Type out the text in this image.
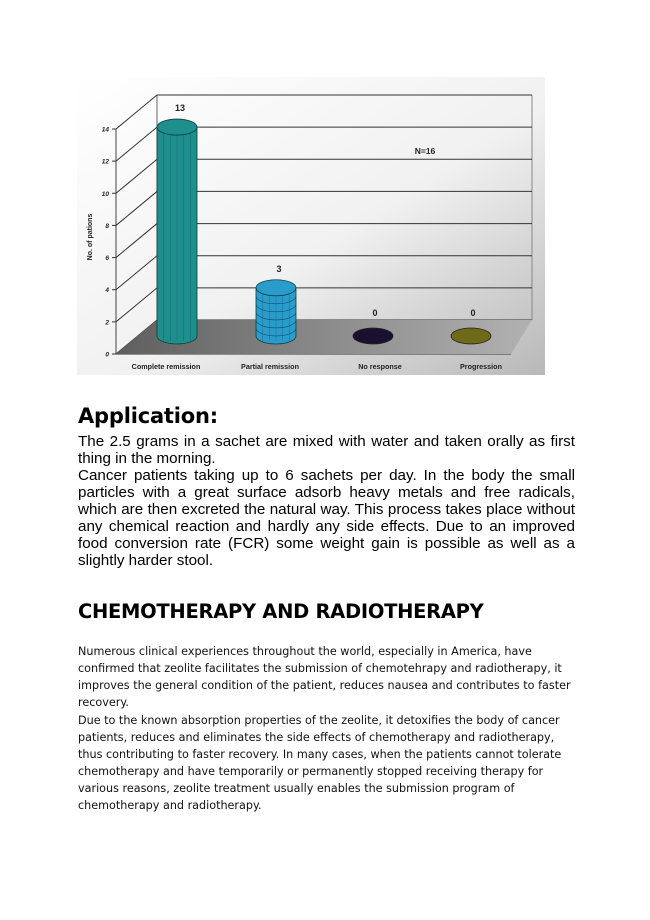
0
2
4
6
8
10
12
14
No. of pations
N=16
13
Complete remission
3
Partial remission
0
No response
0
Progression
Application:

The 2.5 grams in a sachet are mixed with water and taken orally as first thing in the morning.

Cancer patients taking up to 6 sachets per day. In the body the small particles with a great surface adsorb heavy metals and free radicals, which are then excreted the natural way. This process takes place without any chemical reaction and hardly any side effects. Due to an improved food conversion rate (FCR) some weight gain is possible as well as a slightly harder stool.

CHEMOTHERAPY AND RADIOTHERAPY

Numerous clinical experiences throughout the world, especially in America, have confirmed that zeolite facilitates the submission of chemotehrapy and radiotherapy, it improves the general condition of the patient, reduces nausea and contributes to faster recovery.

Due to the known absorption properties of the zeolite, it detoxifies the body of cancer patients, reduces and eliminates the side effects of chemotherapy and radiotherapy, thus contributing to faster recovery. In many cases, when the patients cannot tolerate chemotherapy and have temporarily or permanently stopped receiving therapy for various reasons, zeolite treatment usually enables the submission program of chemotherapy and radiotherapy.
